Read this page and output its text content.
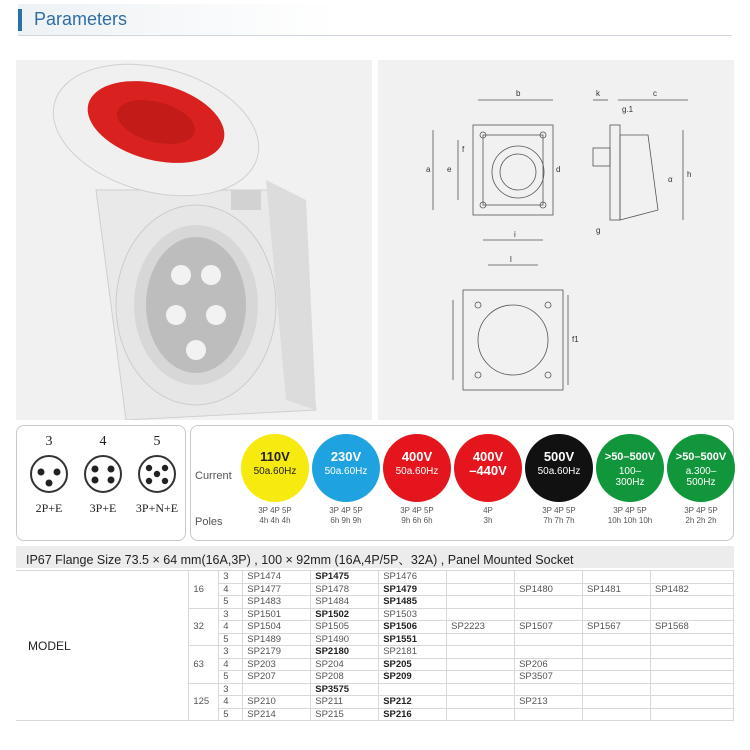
Parameters
b	k	c
g.1
f
a e	d
h
α
g
i
l
f1
3
2P+E
4
3P+E
5
3P+N+E
Current
Poles
110V
50a.60Hz
3P 4P 5P
4h 4h 4h
230V
50a.60Hz
3P 4P 5P
6h 9h 9h
400V
50a.60Hz
3P 4P 5P
9h 6h 6h
400V
–440V
4P
3h
500V
50a.60Hz
3P 4P 5P
7h 7h 7h
>50–500V
100–
300Hz
3P 4P 5P
10h 10h 10h
>50–500V
a.300–
500Hz
3P 4P 5P
2h 2h 2h
IP67 Flange Size 73.5 × 64 mm(16A,3P) , 100 × 92mm (16A,4P/5P、32A) , Panel Mounted Socket
MODEL	16	3	SP1474	SP1475	SP1476				
		4	SP1477	SP1478	SP1479		SP1480	SP1481	SP1482
		5	SP1483	SP1484	SP1485				
	32	3	SP1501	SP1502	SP1503				
		4	SP1504	SP1505	SP1506	SP2223	SP1507	SP1567	SP1568
		5	SP1489	SP1490	SP1551				
	63	3	SP2179	SP2180	SP2181				
		4	SP203	SP204	SP205		SP206		
		5	SP207	SP208	SP209		SP3507		
	125	3		SP3575					
		4	SP210	SP211	SP212		SP213		
		5	SP214	SP215	SP216				
